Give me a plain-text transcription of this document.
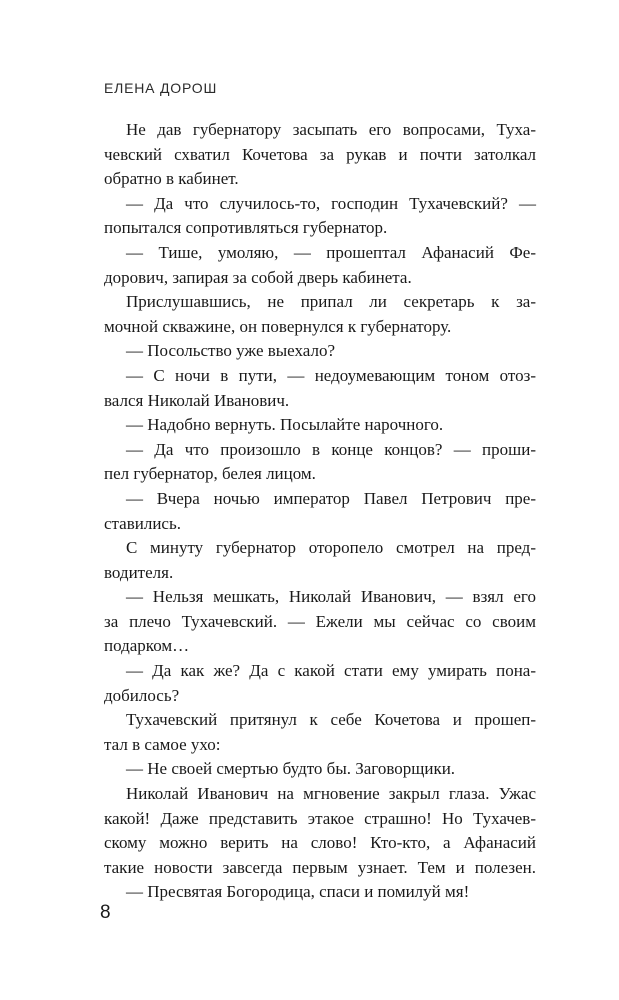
ЕЛЕНА ДОРОШ
Не дав губернатору засыпать его вопросами, Туха-
чевский схватил Кочетова за рукав и почти затолкал
обратно в кабинет.
— Да что случилось-то, господин Тухачевский? —
попытался сопротивляться губернатор.
— Тише, умоляю, — прошептал Афанасий Фе-
дорович, запирая за собой дверь кабинета.
Прислушавшись, не припал ли секретарь к за-
мочной скважине, он повернулся к губернатору.
— Посольство уже выехало?
— С ночи в пути, — недоумевающим тоном отоз-
вался Николай Иванович.
— Надобно вернуть. Посылайте нарочного.
— Да что произошло в конце концов? — проши-
пел губернатор, белея лицом.
— Вчера ночью император Павел Петрович пре-
ставились.
С минуту губернатор оторопело смотрел на пред-
водителя.
— Нельзя мешкать, Николай Иванович, — взял его
за плечо Тухачевский. — Ежели мы сейчас со своим
подарком…
— Да как же? Да с какой стати ему умирать пона-
добилось?
Тухачевский притянул к себе Кочетова и прошеп-
тал в самое ухо:
— Не своей смертью будто бы. Заговорщики.
Николай Иванович на мгновение закрыл глаза. Ужас
какой! Даже представить этакое страшно! Но Тухачев-
скому можно верить на слово! Кто-кто, а Афанасий
такие новости завсегда первым узнает. Тем и полезен.
— Пресвятая Богородица, спаси и помилуй мя!
8
